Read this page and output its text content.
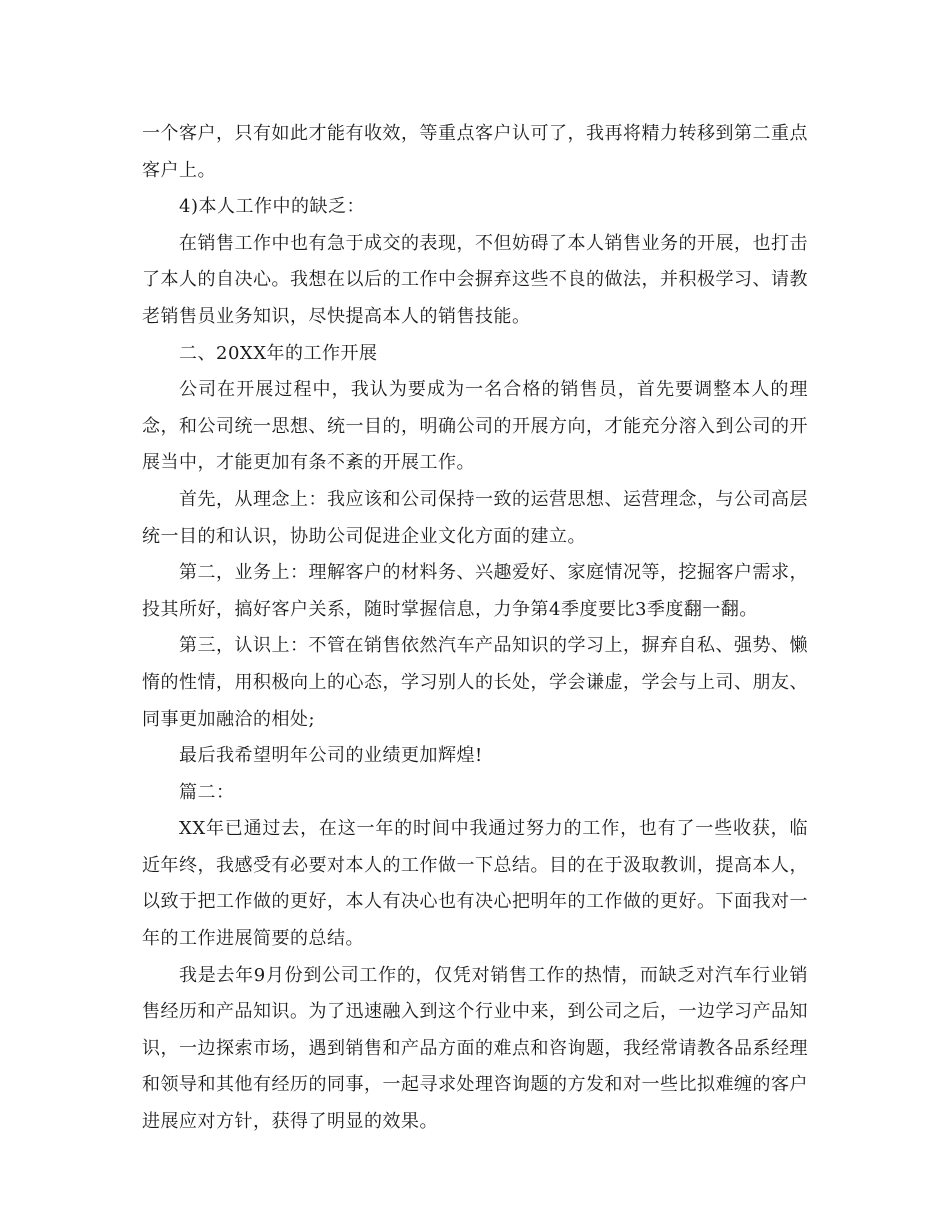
一个客户，只有如此才能有收效，等重点客户认可了，我再将精力转移到第二重点客户上。

4)本人工作中的缺乏：

在销售工作中也有急于成交的表现，不但妨碍了本人销售业务的开展，也打击了本人的自决心。我想在以后的工作中会摒弃这些不良的做法，并积极学习、请教老销售员业务知识，尽快提高本人的销售技能。

二、20XX年的工作开展

公司在开展过程中，我认为要成为一名合格的销售员，首先要调整本人的理念，和公司统一思想、统一目的，明确公司的开展方向，才能充分溶入到公司的开展当中，才能更加有条不紊的开展工作。

首先，从理念上：我应该和公司保持一致的运营思想、运营理念，与公司高层统一目的和认识，协助公司促进企业文化方面的建立。

第二，业务上：理解客户的材料务、兴趣爱好、家庭情况等，挖掘客户需求，投其所好，搞好客户关系，随时掌握信息，力争第4季度要比3季度翻一翻。

第三，认识上：不管在销售依然汽车产品知识的学习上，摒弃自私、强势、懒惰的性情，用积极向上的心态，学习别人的长处，学会谦虚，学会与上司、朋友、同事更加融洽的相处;

最后我希望明年公司的业绩更加辉煌!

篇二：

XX年已通过去，在这一年的时间中我通过努力的工作，也有了一些收获，临近年终，我感受有必要对本人的工作做一下总结。目的在于汲取教训，提高本人，以致于把工作做的更好，本人有决心也有决心把明年的工作做的更好。下面我对一年的工作进展简要的总结。

我是去年9月份到公司工作的，仅凭对销售工作的热情，而缺乏对汽车行业销售经历和产品知识。为了迅速融入到这个行业中来，到公司之后，一边学习产品知识，一边探索市场，遇到销售和产品方面的难点和咨询题，我经常请教各品系经理和领导和其他有经历的同事，一起寻求处理咨询题的方发和对一些比拟难缠的客户进展应对方针，获得了明显的效果。
